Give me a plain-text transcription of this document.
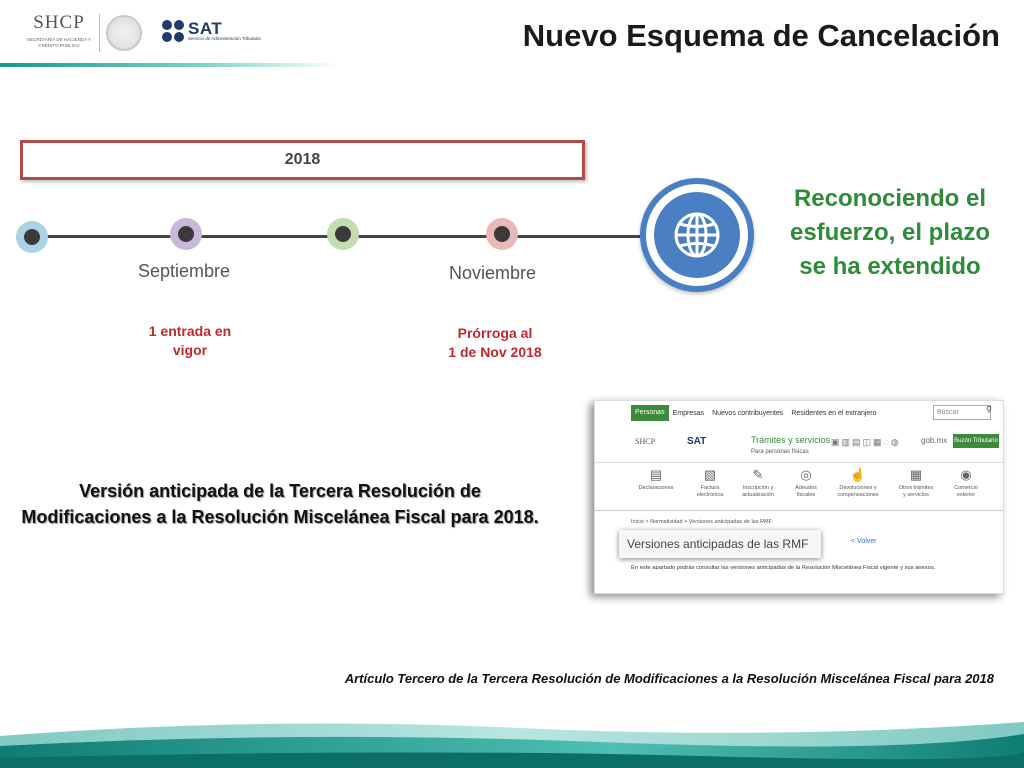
SHCP
SECRETARÍA DE HACIENDA Y CRÉDITO PÚBLICO
SAT
Servicio de Administración Tributaria	Nuevo Esquema de Cancelación
2018
Septiembre	Noviembre
1 entrada en
vigor
Prórroga al
1 de Nov 2018
Reconociendo el
esfuerzo, el plazo
se ha extendido
Versión anticipada de la Tercera Resolución de
Modificaciones a la Resolución Miscelánea Fiscal para 2018.
Personas	Empresas	Nuevos contribuyentes	Residentes en el extranjero	Buscar	⚲
SHCP	SAT	Trámites y servicios
Para personas físicas
▣▥▤◫▦◌◍	gob.mx Buzón Tributario
▤
Declaraciones

▧
Factura
electrónica
✎
Inscripción y
actualización
◎
Adeudos
fiscales
☝
Devoluciones y
compensaciones
▦
Otros trámites
y servicios
◉
Comercio
exterior
Inicio > Normatividad > Versiones anticipadas de las RMF
Versiones anticipadas de las RMF	< Volver
En este apartado podrás consultar las versiones anticipadas de la Resolución Miscelánea Fiscal vigente y sus anexos.
Artículo Tercero de la Tercera Resolución de Modificaciones a la Resolución Miscelánea Fiscal para 2018
